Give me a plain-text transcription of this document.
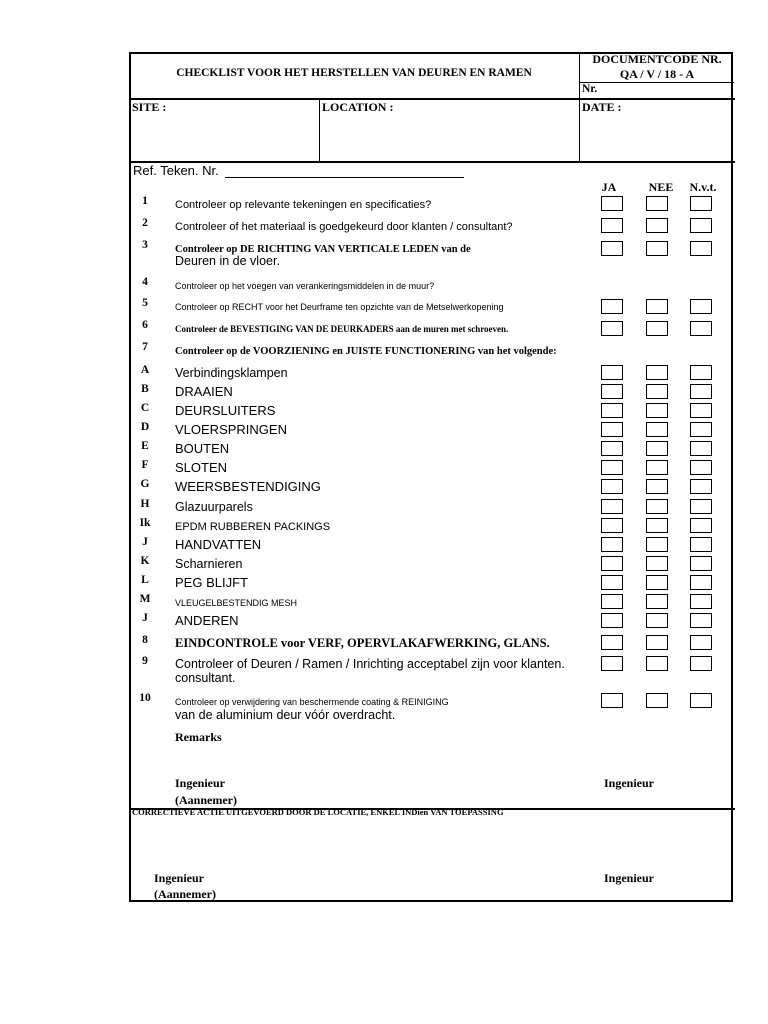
CHECKLIST VOOR HET HERSTELLEN VAN DEUREN EN RAMEN
DOCUMENTCODE NR.
QA / V / 18 - A
Nr.
SITE :	LOCATION :	DATE :
Ref. Teken. Nr.
JA	NEE N.v.t.
1	Controleer op relevante tekeningen en specificaties?
2	Controleer of het materiaal is goedgekeurd door klanten / consultant?
3	Controleer op DE RICHTING VAN VERTICALE LEDEN van de
Deuren in de vloer.
4	Controleer op het voegen van verankeringsmiddelen in de muur?
5	Controleer op RECHT voor het Deurframe ten opzichte van de Metselwerkopening
6	Controleer de BEVESTIGING VAN DE DEURKADERS aan de muren met schroeven.
7	Controleer op de VOORZIENING en JUISTE FUNCTIONERING van het volgende:
A	Verbindingsklampen
B	DRAAIEN
C DEURSLUITERS
D VLOERSPRINGEN
E	BOUTEN
F	SLOTEN
G WEERSBESTENDIGING
H Glazuurparels
Ik EPDM RUBBEREN PACKINGS
J	HANDVATTEN
K Scharnieren
L	PEG BLIJFT
M	VLEUGELBESTENDIG MESH
J	ANDEREN
8	EINDCONTROLE voor VERF, OPERVLAKAFWERKING, GLANS.
9	Controleer of Deuren / Ramen / Inrichting acceptabel zijn voor klanten.
consultant.
10	Controleer op verwijdering van beschermende coating & REINIGING
van de aluminium deur vóór overdracht.
Remarks
Ingenieur
(Aannemer)
Ingenieur
CORRECTIEVE ACTIE UITGEVOERD DOOR DE LOCATIE, ENKEL INDien VAN TOEPASSING
Ingenieur
(Aannemer)
Ingenieur
